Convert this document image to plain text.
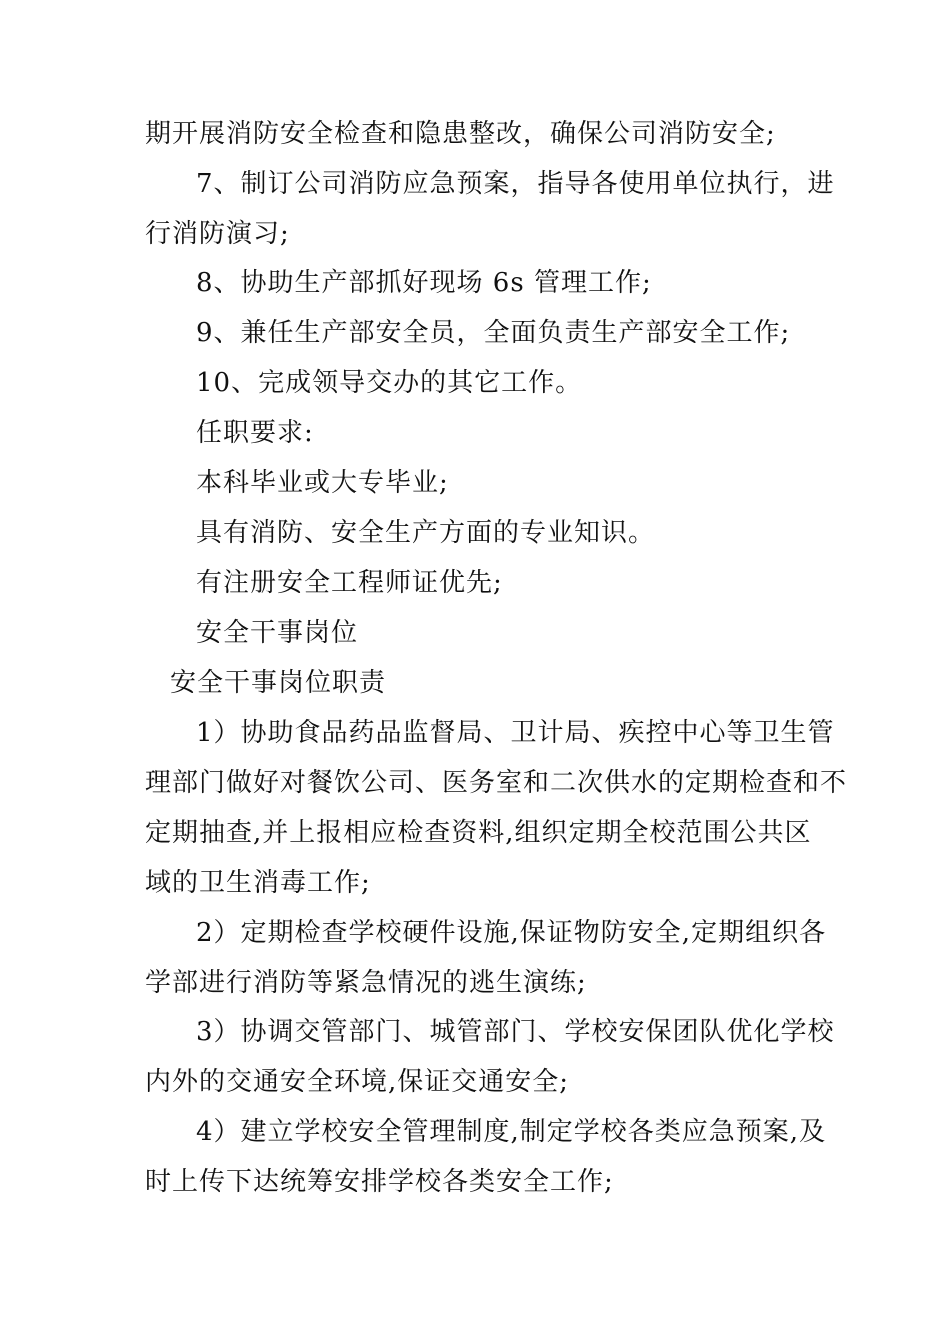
期开展消防安全检查和隐患整改，确保公司消防安全;
7、制订公司消防应急预案，指导各使用单位执行，进
行消防演习;
8、协助生产部抓好现场 6s 管理工作;
9、兼任生产部安全员，全面负责生产部安全工作;
10、完成领导交办的其它工作。
任职要求:
本科毕业或大专毕业;
具有消防、安全生产方面的专业知识。
有注册安全工程师证优先;
安全干事岗位
安全干事岗位职责
1）协助食品药品监督局、卫计局、疾控中心等卫生管
理部门做好对餐饮公司、医务室和二次供水的定期检查和不
定期抽查,并上报相应检查资料,组织定期全校范围公共区
域的卫生消毒工作;
2）定期检查学校硬件设施,保证物防安全,定期组织各
学部进行消防等紧急情况的逃生演练;
3）协调交管部门、城管部门、学校安保团队优化学校
内外的交通安全环境,保证交通安全;
4）建立学校安全管理制度,制定学校各类应急预案,及
时上传下达统筹安排学校各类安全工作;
